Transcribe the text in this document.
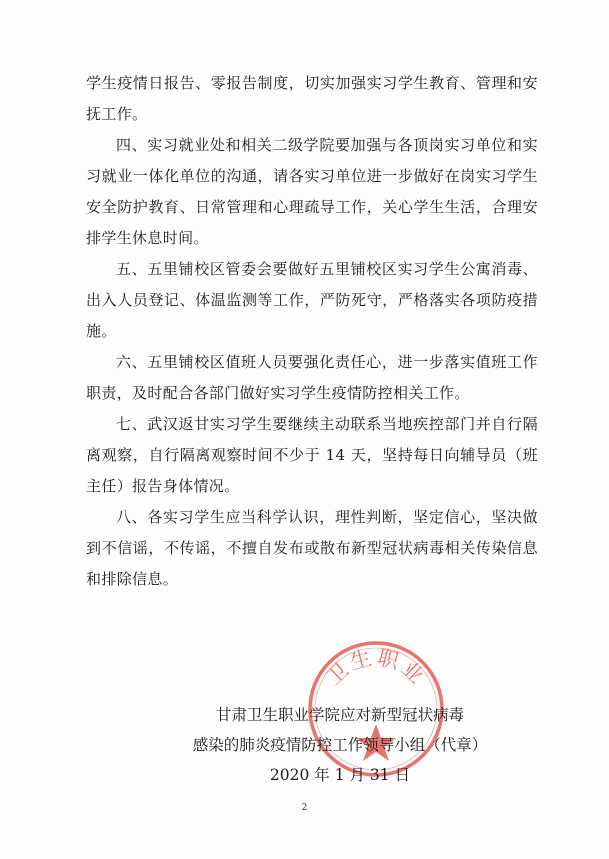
学生疫情日报告、零报告制度，切实加强实习学生教育、管理和安抚工作。

四、实习就业处和相关二级学院要加强与各顶岗实习单位和实习就业一体化单位的沟通，请各实习单位进一步做好在岗实习学生安全防护教育、日常管理和心理疏导工作，关心学生生活，合理安排学生休息时间。

五、五里铺校区管委会要做好五里铺校区实习学生公寓消毒、出入人员登记、体温监测等工作，严防死守，严格落实各项防疫措施。

六、五里铺校区值班人员要强化责任心，进一步落实值班工作职责，及时配合各部门做好实习学生疫情防控相关工作。

七、武汉返甘实习学生要继续主动联系当地疾控部门并自行隔离观察，自行隔离观察时间不少于 14 天，坚持每日向辅导员（班主任）报告身体情况。

八、各实习学生应当科学认识，理性判断，坚定信心，坚决做到不信谣，不传谣，不擅自发布或散布新型冠状病毒相关传染信息和排除信息。

卫生职业
甘肃卫生职业学院应对新型冠状病毒
感染的肺炎疫情防控工作领导小组（代章）
2020 年 1 月 31 日
2
